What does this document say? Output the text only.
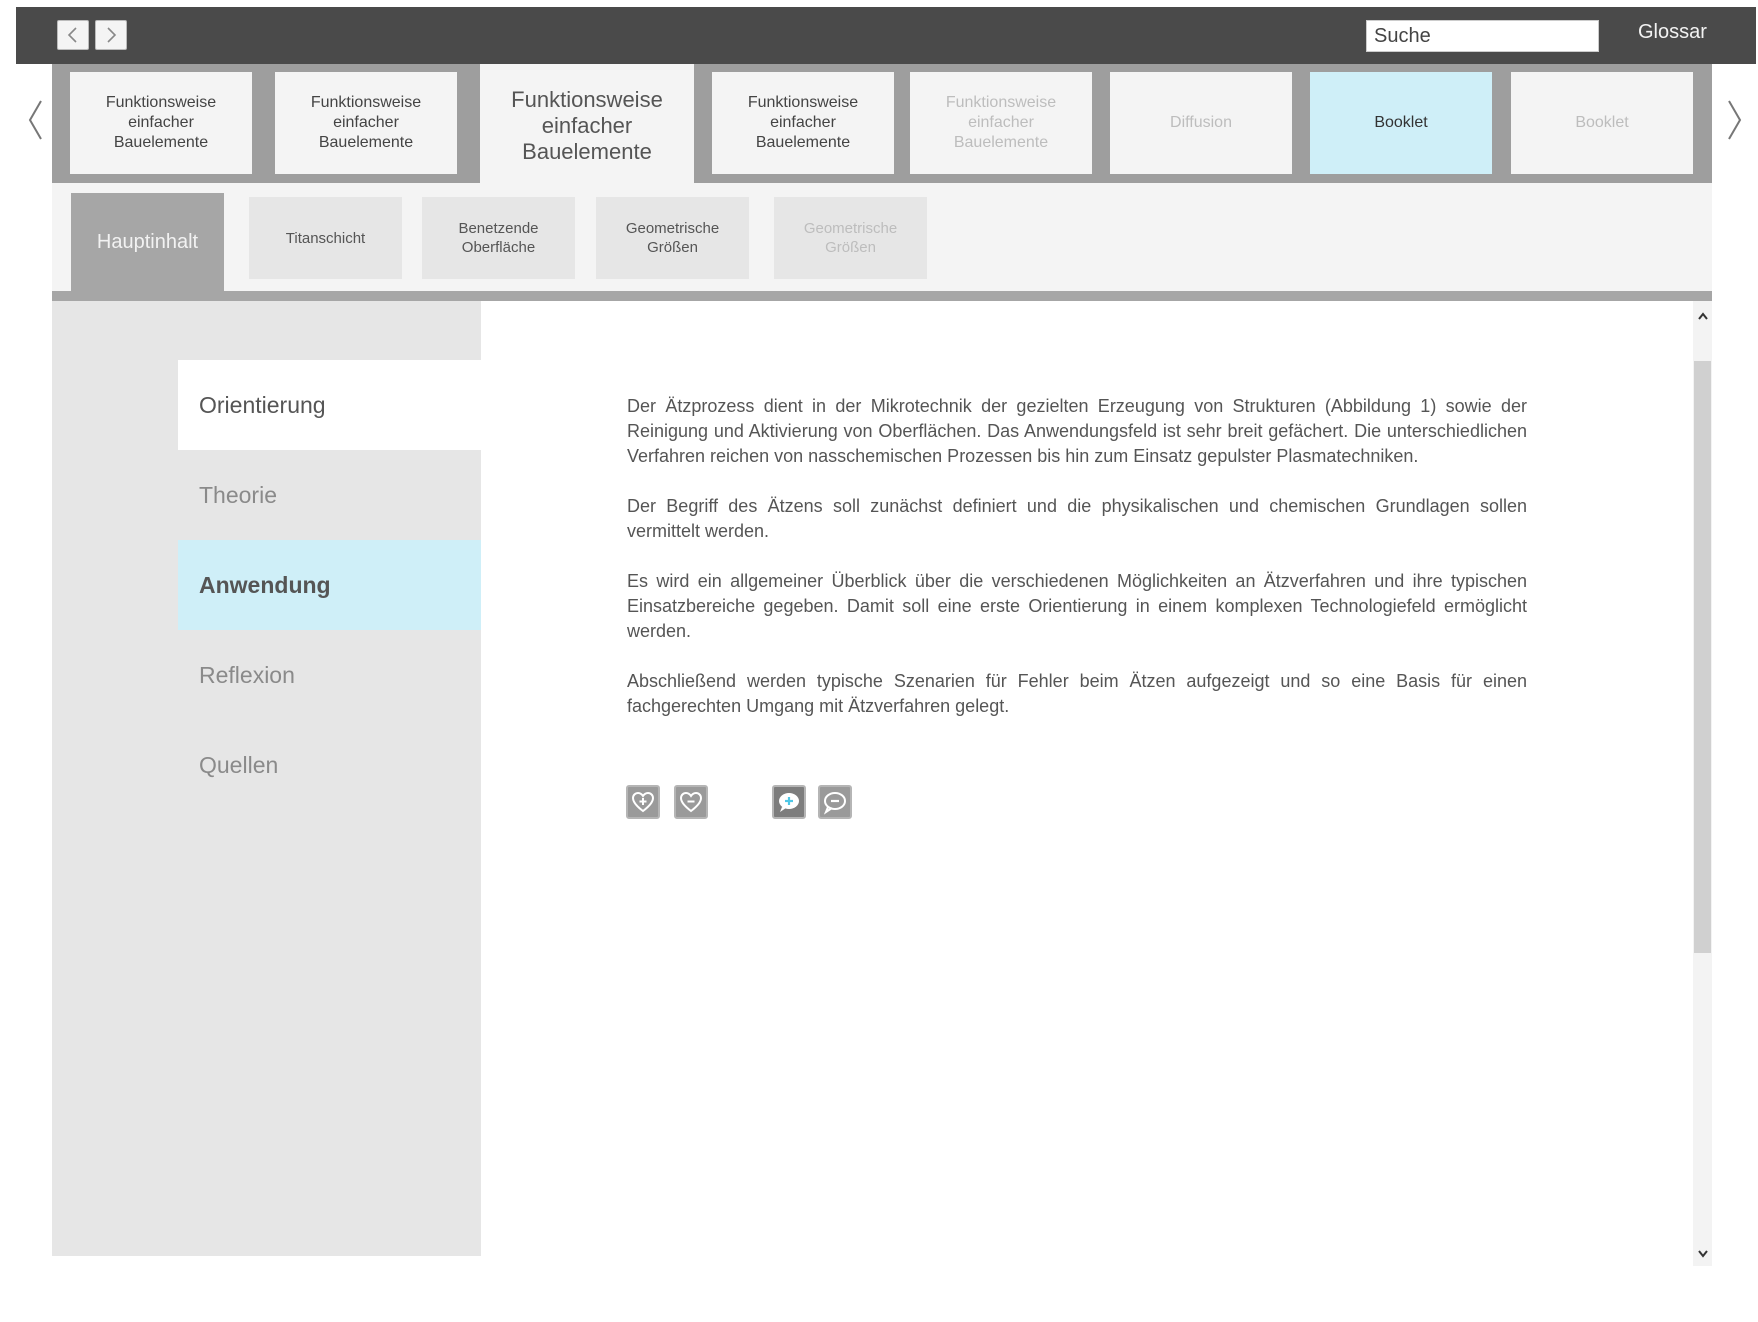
Suche
Glossar
Funktionsweise
einfacher
Bauelemente
Funktionsweise
einfacher
Bauelemente
Funktionsweise
einfacher
Bauelemente
Funktionsweise
einfacher
Bauelemente
Funktionsweise
einfacher
Bauelemente
Diffusion	Booklet	Booklet
Hauptinhalt	Titanschicht
Benetzende
Oberfläche
Geometrische
Größen
Geometrische
Größen
Orientierung
Theorie
Anwendung
Reflexion
Quellen

Der Ätzprozess dient in der Mikrotechnik der gezielten Erzeugung von Strukturen (Abbildung 1) sowie der Reinigung und Aktivierung von Oberflächen. Das Anwendungsfeld ist sehr breit gefächert. Die unterschiedlichen Verfahren reichen von nasschemischen Prozessen bis hin zum Einsatz gepulster Plasmatechniken.

Der Begriff des Ätzens soll zunächst definiert und die physikalischen und chemischen Grundlagen sollen vermittelt werden.

Es wird ein allgemeiner Überblick über die verschiedenen Möglichkeiten an Ätzverfahren und ihre typischen Einsatzbereiche gegeben. Damit soll eine erste Orientierung in einem komplexen Technologiefeld ermöglicht werden.

Abschließend werden typische Szenarien für Fehler beim Ätzen aufgezeigt und so eine Basis für einen fachgerechten Umgang mit Ätzverfahren gelegt.
